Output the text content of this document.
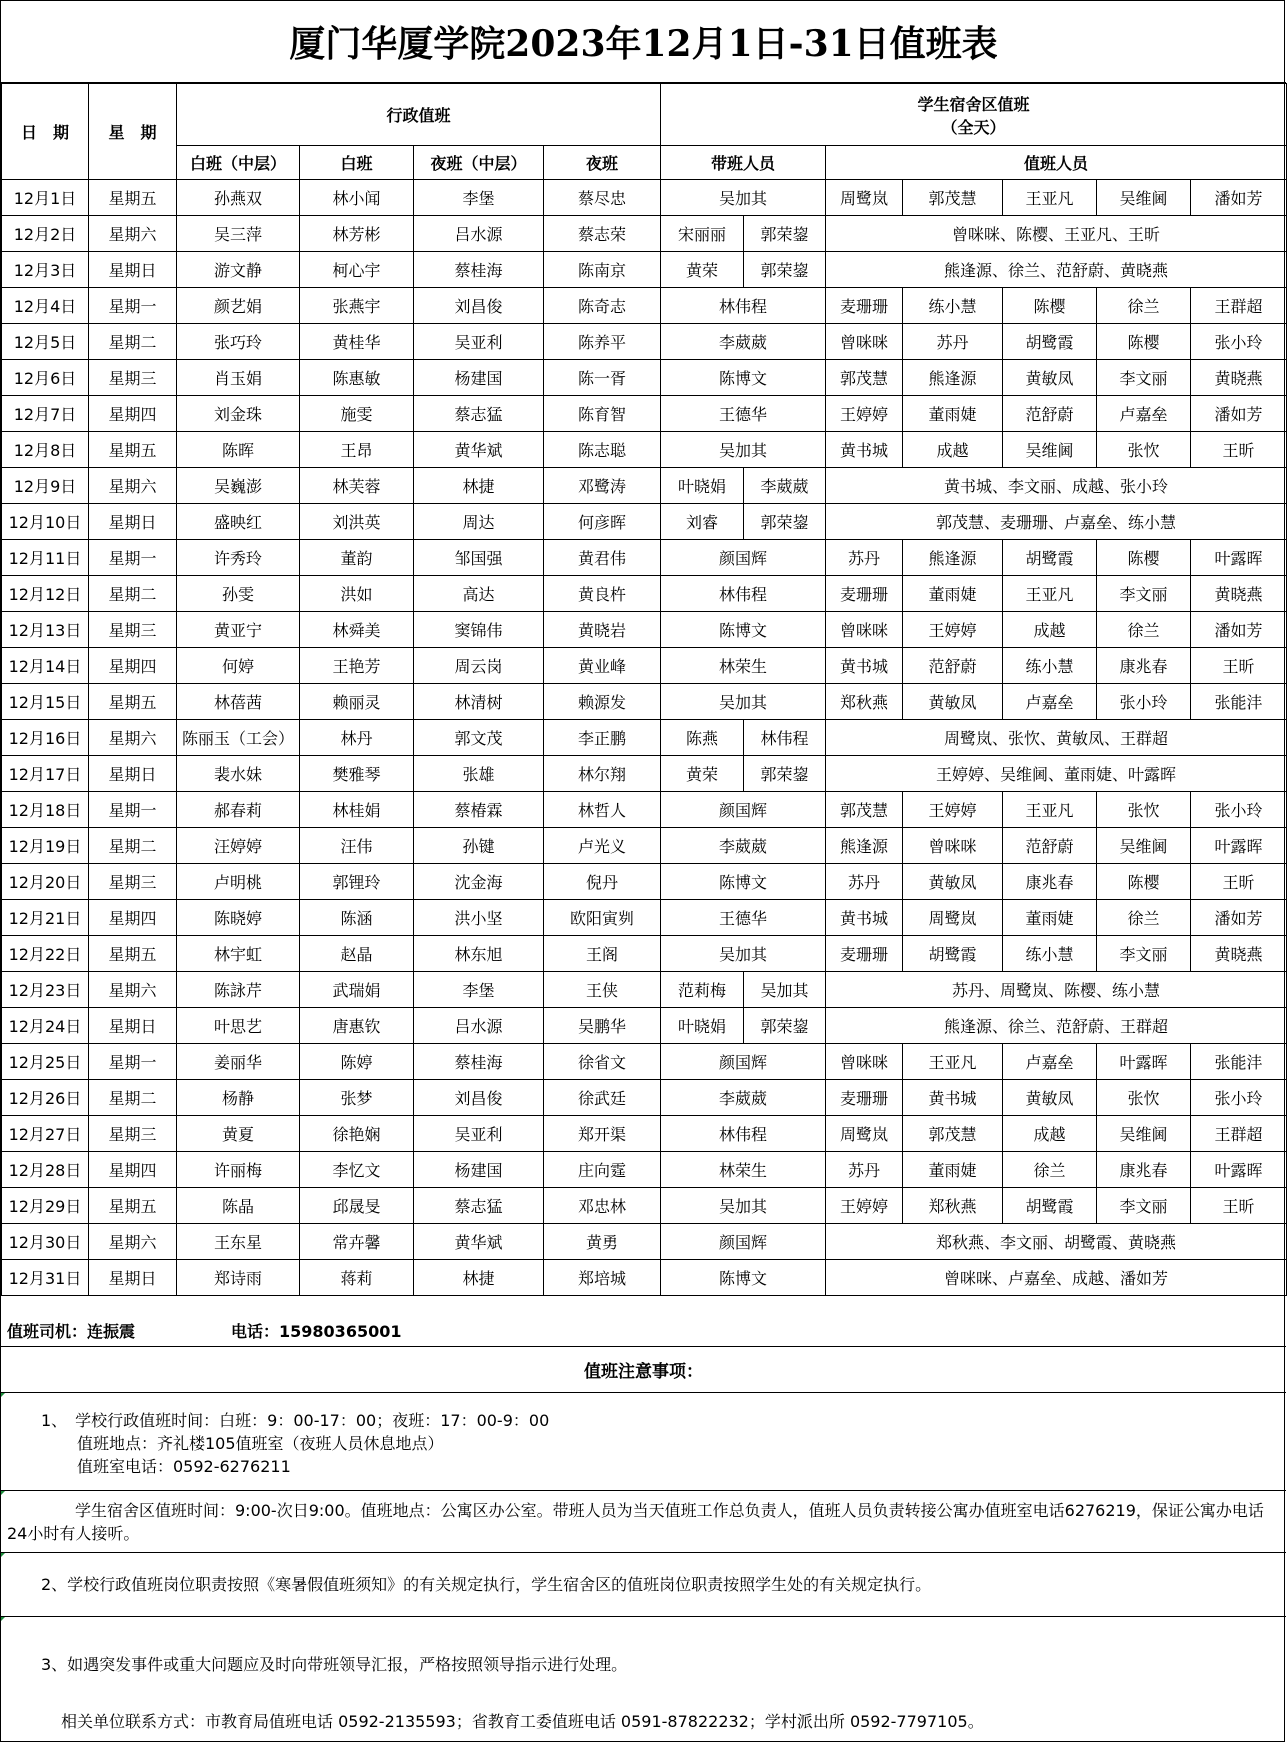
厦门华厦学院2023年12月1日-31日值班表
日　期	星　期	行政值班				学生宿舍区值班
（全天）						

		白班（中层）	白班	夜班（中层）	夜班	带班人员		值班人员				
12月1日	星期五	孙燕双	林小闻	李堡	蔡尽忠	吴加其		周鹭岚	郭茂慧	王亚凡	吴维阃	潘如芳
12月2日	星期六	吴三萍	林芳彬	吕水源	蔡志荣	宋丽丽	郭荣鋆	曾咪咪、陈樱、王亚凡、王昕				
12月3日	星期日	游文静	柯心宇	蔡桂海	陈南京	黄荣	郭荣鋆	熊逢源、徐兰、范舒蔚、黄晓燕				
12月4日	星期一	颜艺娟	张燕宇	刘昌俊	陈奇志	林伟程		麦珊珊	练小慧	陈樱	徐兰	王群超
12月5日	星期二	张巧玲	黄桂华	吴亚利	陈养平	李葳葳		曾咪咪	苏丹	胡鹭霞	陈樱	张小玲
12月6日	星期三	肖玉娟	陈惠敏	杨建国	陈一胥	陈博文		郭茂慧	熊逢源	黄敏凤	李文丽	黄晓燕
12月7日	星期四	刘金珠	施雯	蔡志猛	陈育智	王德华		王婷婷	董雨婕	范舒蔚	卢嘉垒	潘如芳
12月8日	星期五	陈晖	王昂	黄华斌	陈志聪	吴加其		黄书城	成越	吴维阃	张忺	王昕
12月9日	星期六	吴巍澎	林芙蓉	林捷	邓鹭涛	叶晓娟	李葳葳	黄书城、李文丽、成越、张小玲				
12月10日	星期日	盛映红	刘洪英	周达	何彦晖	刘睿	郭荣鋆	郭茂慧、麦珊珊、卢嘉垒、练小慧				
12月11日	星期一	许秀玲	董韵	邹国强	黄君伟	颜国辉		苏丹	熊逢源	胡鹭霞	陈樱	叶露晖
12月12日	星期二	孙雯	洪如	高达	黄良杵	林伟程		麦珊珊	董雨婕	王亚凡	李文丽	黄晓燕
12月13日	星期三	黄亚宁	林舜美	窦锦伟	黄晓岩	陈博文		曾咪咪	王婷婷	成越	徐兰	潘如芳
12月14日	星期四	何婷	王艳芳	周云岗	黄业峰	林荣生		黄书城	范舒蔚	练小慧	康兆春	王昕
12月15日	星期五	林蓓茜	赖丽灵	林清树	赖源发	吴加其		郑秋燕	黄敏凤	卢嘉垒	张小玲	张能沣
12月16日	星期六	陈丽玉（工会）	林丹	郭文茂	李正鹏	陈燕	林伟程	周鹭岚、张忺、黄敏凤、王群超				
12月17日	星期日	裴水妹	樊雅琴	张雄	林尔翔	黄荣	郭荣鋆	王婷婷、吴维阃、董雨婕、叶露晖				
12月18日	星期一	郝春莉	林桂娟	蔡椿霖	林哲人	颜国辉		郭茂慧	王婷婷	王亚凡	张忺	张小玲
12月19日	星期二	汪婷婷	汪伟	孙键	卢光义	李葳葳		熊逢源	曾咪咪	范舒蔚	吴维阃	叶露晖
12月20日	星期三	卢明桃	郭锂玲	沈金海	倪丹	陈博文		苏丹	黄敏凤	康兆春	陈樱	王昕
12月21日	星期四	陈晓婷	陈涵	洪小坚	欧阳寅刿	王德华		黄书城	周鹭岚	董雨婕	徐兰	潘如芳
12月22日	星期五	林宇虹	赵晶	林东旭	王阁	吴加其		麦珊珊	胡鹭霞	练小慧	李文丽	黄晓燕
12月23日	星期六	陈詠芹	武瑞娟	李堡	王侠	范莉梅	吴加其	苏丹、周鹭岚、陈樱、练小慧				
12月24日	星期日	叶思艺	唐惠钦	吕水源	吴鹏华	叶晓娟	郭荣鋆	熊逢源、徐兰、范舒蔚、王群超				
12月25日	星期一	姜丽华	陈婷	蔡桂海	徐省文	颜国辉		曾咪咪	王亚凡	卢嘉垒	叶露晖	张能沣
12月26日	星期二	杨静	张梦	刘昌俊	徐武廷	李葳葳		麦珊珊	黄书城	黄敏凤	张忺	张小玲
12月27日	星期三	黄夏	徐艳娴	吴亚利	郑开渠	林伟程		周鹭岚	郭茂慧	成越	吴维阃	王群超
12月28日	星期四	许丽梅	李忆文	杨建国	庄向霆	林荣生		苏丹	董雨婕	徐兰	康兆春	叶露晖
12月29日	星期五	陈晶	邱晟旻	蔡志猛	邓忠林	吴加其		王婷婷	郑秋燕	胡鹭霞	李文丽	王昕
12月30日	星期六	王东星	常卉馨	黄华斌	黄勇	颜国辉		郑秋燕、李文丽、胡鹭霞、黄晓燕				
12月31日	星期日	郑诗雨	蒋莉	林捷	郑培城	陈博文		曾咪咪、卢嘉垒、成越、潘如芳				
值班司机：连振震	电话：15980365001
值班注意事项：
1、　学校行政值班时间：白班：9：00-17：00；夜班：17：00-9：00
值班地点：齐礼楼105值班室（夜班人员休息地点）
值班室电话：0592-6276211
学生宿舍区值班时间：9:00-次日9:00。值班地点：公寓区办公室。带班人员为当天值班工作总负责人，值班人员负责转接公寓办值班室电话6276219，保证公寓办电话24小时有人接听。
2、学校行政值班岗位职责按照《寒暑假值班须知》的有关规定执行，学生宿舍区的值班岗位职责按照学生处的有关规定执行。
3、如遇突发事件或重大问题应及时向带班领导汇报，严格按照领导指示进行处理。
相关单位联系方式：市教育局值班电话 0592-2135593；省教育工委值班电话 0591-87822232；学村派出所 0592-7797105。
